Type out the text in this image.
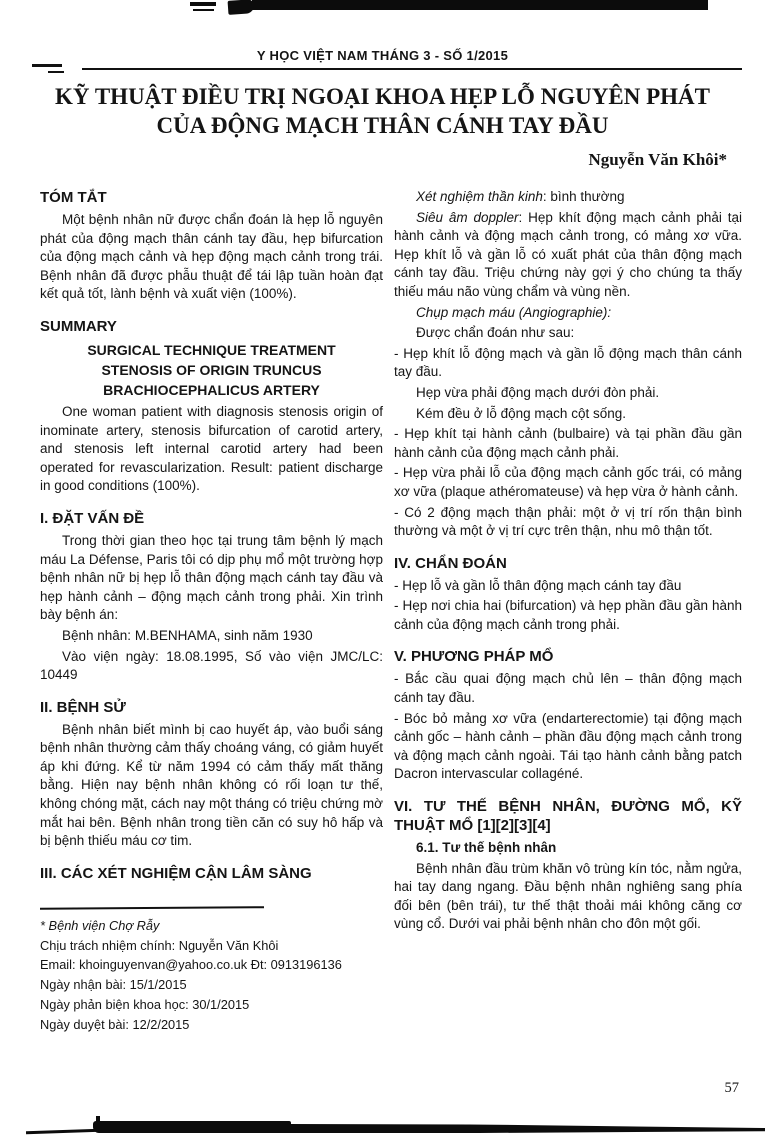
Y HỌC VIỆT NAM THÁNG 3 - SỐ 1/2015
KỸ THUẬT ĐIỀU TRỊ NGOẠI KHOA HẸP LỖ NGUYÊN PHÁT
CỦA ĐỘNG MẠCH THÂN CÁNH TAY ĐẦU
Nguyễn Văn Khôi*
TÓM TẮT

Một bệnh nhân nữ được chẩn đoán là hẹp lỗ nguyên phát của động mạch thân cánh tay đầu, hẹp bifurcation của động mạch cảnh và hẹp động mạch cảnh trong trái. Bệnh nhân đã được phẫu thuật để tái lập tuần hoàn đạt kết quả tốt, lành bệnh và xuất viện (100%).

SUMMARY
SURGICAL TECHNIQUE TREATMENT
STENOSIS OF ORIGIN TRUNCUS
BRACHIOCEPHALICUS ARTERY

One woman patient with diagnosis stenosis origin of inominate artery, stenosis bifurcation of carotid artery, and stenosis left internal carotid artery had been operated for revascularization. Result: patient discharge in good conditions (100%).

I. ĐẶT VẤN ĐỀ

Trong thời gian theo học tại trung tâm bệnh lý mạch máu La Défense, Paris tôi có dịp phụ mổ một trường hợp bệnh nhân nữ bị hẹp lỗ thân động mạch cánh tay đầu và hẹp hành cảnh – động mạch cảnh trong phải. Xin trình bày bệnh án:

Bệnh nhân: M.BENHAMA, sinh năm 1930

Vào viện ngày: 18.08.1995, Số vào viện JMC/LC: 10449

II. BỆNH SỬ

Bệnh nhân biết mình bị cao huyết áp, vào buổi sáng bệnh nhân thường cảm thấy choáng váng, có giảm huyết áp khi đứng. Kể từ năm 1994 có cảm thấy mất thăng bằng. Hiện nay bệnh nhân không có rối loạn tư thế, không chóng mặt, cách nay một tháng có triệu chứng mờ mắt hai bên. Bệnh nhân trong tiền căn có suy hô hấp và bị bệnh thiếu máu cơ tim.

III. CÁC XÉT NGHIỆM CẬN LÂM SÀNG
* Bệnh viện Chợ Rẫy
Chịu trách nhiệm chính: Nguyễn Văn Khôi
Email: khoinguyenvan@yahoo.co.uk Đt: 0913196136
Ngày nhận bài: 15/1/2015
Ngày phản biện khoa học: 30/1/2015
Ngày duyệt bài: 12/2/2015

Xét nghiệm thần kinh: bình thường

Siêu âm doppler: Hẹp khít động mạch cảnh phải tại hành cảnh và động mạch cảnh trong, có mảng xơ vữa. Hẹp khít lỗ và gần lỗ có xuất phát của thân động mạch cánh tay đầu. Triệu chứng này gợi ý cho chúng ta thấy thiếu máu não vùng chẩm và vùng nền.

Chụp mạch máu (Angiographie):

Được chẩn đoán như sau:

- Hẹp khít lỗ động mạch và gần lỗ động mạch thân cánh tay đầu.

Hẹp vừa phải động mạch dưới đòn phải.

Kém đều ở lỗ động mạch cột sống.

- Hẹp khít tại hành cảnh (bulbaire) và tại phần đầu gần hành cảnh của động mạch cảnh phải.

- Hẹp vừa phải lỗ của động mạch cảnh gốc trái, có mảng xơ vữa (plaque athéromateuse) và hẹp vừa ở hành cảnh.

- Có 2 động mạch thận phải: một ở vị trí rốn thận bình thường và một ở vị trí cực trên thận, nhu mô thận tốt.

IV. CHẨN ĐOÁN

- Hẹp lỗ và gần lỗ thân động mạch cánh tay đầu

- Hẹp nơi chia hai (bifurcation) và hẹp phần đầu gần hành cảnh của động mạch cảnh trong phải.

V. PHƯƠNG PHÁP MỔ

- Bắc cầu quai động mạch chủ lên – thân động mạch cánh tay đầu.

- Bóc bỏ mảng xơ vữa (endarterectomie) tại động mạch cảnh gốc – hành cảnh – phần đầu động mạch cảnh trong và động mạch cảnh ngoài. Tái tạo hành cảnh bằng patch Dacron intervascular collagéné.

VI. TƯ THẾ BỆNH NHÂN, ĐƯỜNG MỔ, KỸ THUẬT MỔ [1][2][3][4]

6.1. Tư thế bệnh nhân

Bệnh nhân đầu trùm khăn vô trùng kín tóc, nằm ngửa, hai tay dang ngang. Đầu bệnh nhân nghiêng sang phía đối bên (bên trái), tư thế thật thoải mái không căng cơ vùng cổ. Dưới vai phải bệnh nhân cho đôn một gối.

57
